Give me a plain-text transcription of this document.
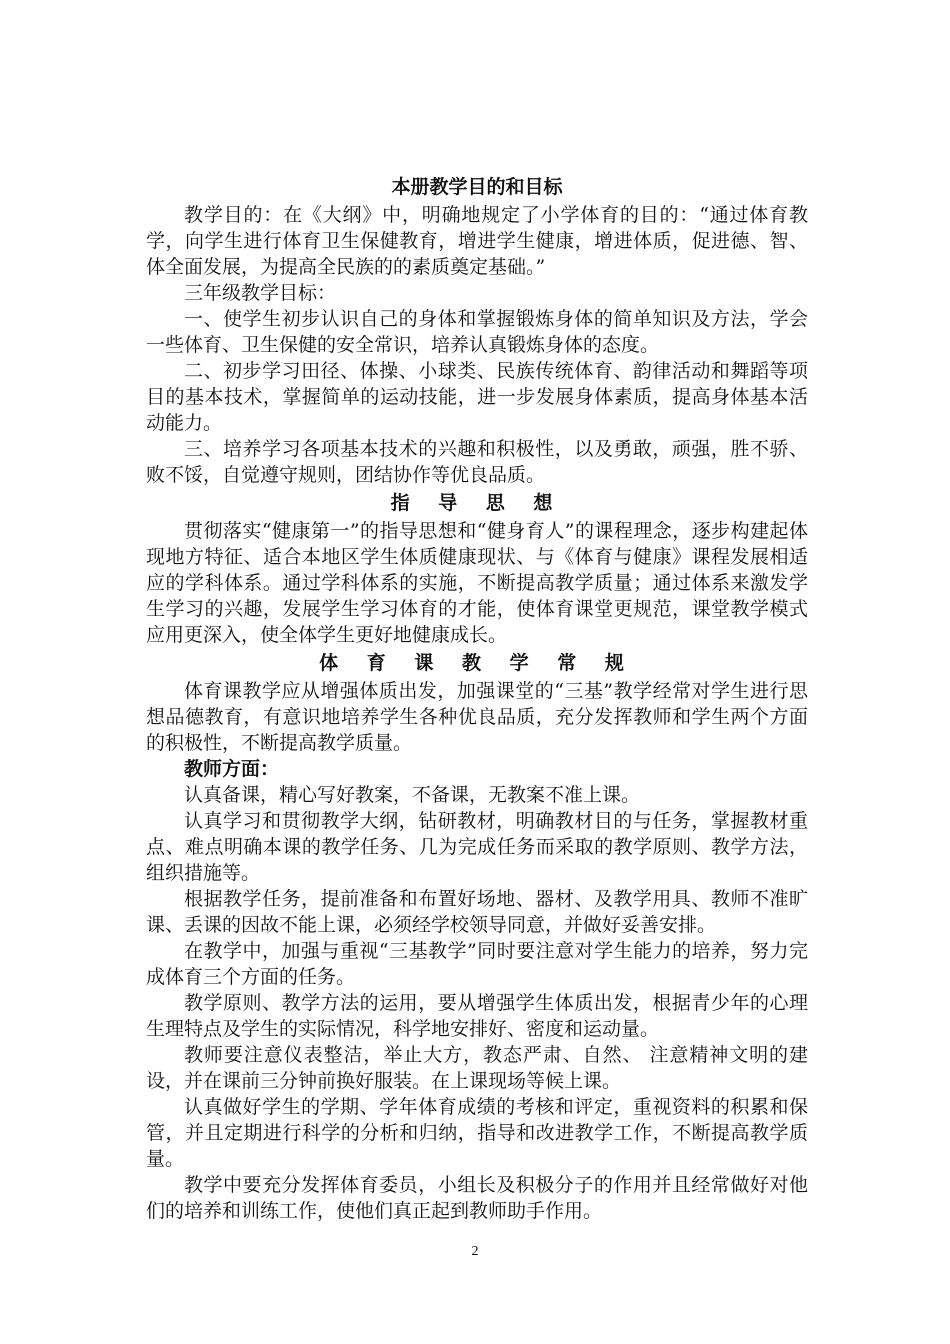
本册教学目的和目标

教学目的：在《大纲》中，明确地规定了小学体育的目的：“通过体育教学，向学生进行体育卫生保健教育，增进学生健康，增进体质，促进德、智、体全面发展，为提高全民族的的素质奠定基础。”

三年级教学目标：

一、使学生初步认识自己的身体和掌握锻炼身体的简单知识及方法，学会一些体育、卫生保健的安全常识，培养认真锻炼身体的态度。

二、初步学习田径、体操、小球类、民族传统体育、韵律活动和舞蹈等项目的基本技术，掌握简单的运动技能，进一步发展身体素质，提高身体基本活动能力。

三、培养学习各项基本技术的兴趣和积极性，以及勇敢，顽强，胜不骄、败不馁，自觉遵守规则，团结协作等优良品质。

指 导 思 想

贯彻落实“健康第一”的指导思想和“健身育人”的课程理念，逐步构建起体现地方特征、适合本地区学生体质健康现状、与《体育与健康》课程发展相适应的学科体系。通过学科体系的实施，不断提高教学质量；通过体系来激发学生学习的兴趣，发展学生学习体育的才能，使体育课堂更规范，课堂教学模式应用更深入，使全体学生更好地健康成长。

体 育 课 教 学 常 规

体育课教学应从增强体质出发，加强课堂的“三基”教学经常对学生进行思想品德教育，有意识地培养学生各种优良品质，充分发挥教师和学生两个方面的积极性，不断提高教学质量。

教师方面：

认真备课，精心写好教案，不备课，无教案不准上课。

认真学习和贯彻教学大纲，钻研教材，明确教材目的与任务，掌握教材重点、难点明确本课的教学任务、几为完成任务而采取的教学原则、教学方法，组织措施等。

根据教学任务，提前准备和布置好场地、器材、及教学用具、教师不准旷课、丢课的因故不能上课，必须经学校领导同意，并做好妥善安排。

在教学中，加强与重视“三基教学”同时要注意对学生能力的培养，努力完成体育三个方面的任务。

教学原则、教学方法的运用，要从增强学生体质出发，根据青少年的心理生理特点及学生的实际情况，科学地安排好、密度和运动量。

教师要注意仪表整洁，举止大方，教态严肃、自然、 注意精神文明的建设，并在课前三分钟前换好服装。在上课现场等候上课。

认真做好学生的学期、学年体育成绩的考核和评定，重视资料的积累和保管，并且定期进行科学的分析和归纳，指导和改进教学工作，不断提高教学质量。

教学中要充分发挥体育委员，小组长及积极分子的作用并且经常做好对他们的培养和训练工作，使他们真正起到教师助手作用。

2
